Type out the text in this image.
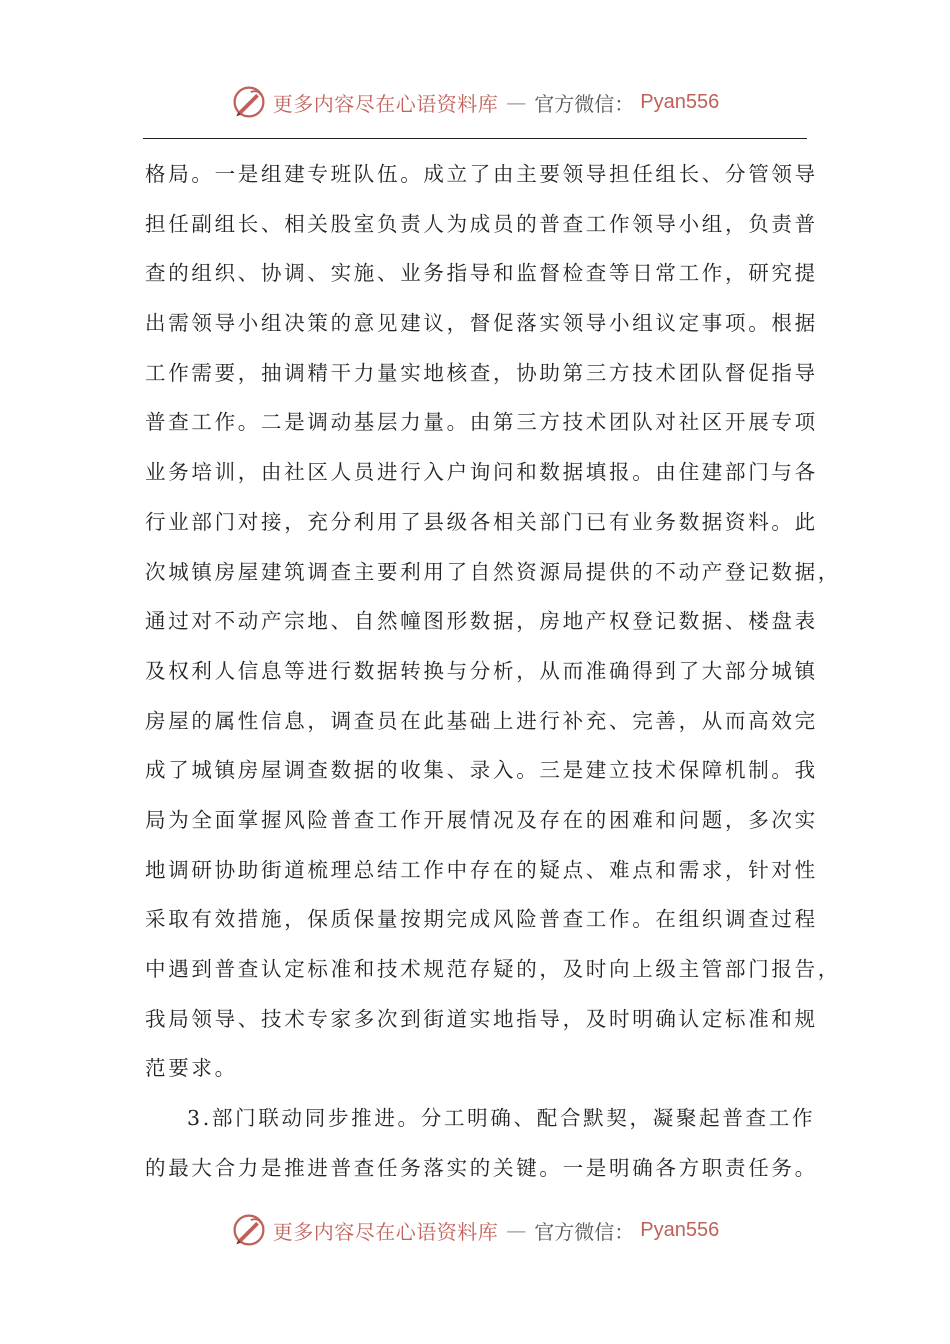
更多内容尽在心语资料库 — 官方微信： Pyan556
格局。一是组建专班队伍。成立了由主要领导担任组长、分管领导
担任副组长、相关股室负责人为成员的普查工作领导小组，负责普
查的组织、协调、实施、业务指导和监督检查等日常工作，研究提
出需领导小组决策的意见建议，督促落实领导小组议定事项。根据
工作需要，抽调精干力量实地核查，协助第三方技术团队督促指导
普查工作。二是调动基层力量。由第三方技术团队对社区开展专项
业务培训，由社区人员进行入户询问和数据填报。由住建部门与各
行业部门对接，充分利用了县级各相关部门已有业务数据资料。此
次城镇房屋建筑调查主要利用了自然资源局提供的不动产登记数据，
通过对不动产宗地、自然幢图形数据，房地产权登记数据、楼盘表
及权利人信息等进行数据转换与分析，从而准确得到了大部分城镇
房屋的属性信息，调查员在此基础上进行补充、完善，从而高效完
成了城镇房屋调查数据的收集、录入。三是建立技术保障机制。我
局为全面掌握风险普查工作开展情况及存在的困难和问题，多次实
地调研协助街道梳理总结工作中存在的疑点、难点和需求，针对性
采取有效措施，保质保量按期完成风险普查工作。在组织调查过程
中遇到普查认定标准和技术规范存疑的，及时向上级主管部门报告，
我局领导、技术专家多次到街道实地指导，及时明确认定标准和规
范要求。
3.部门联动同步推进。分工明确、配合默契，凝聚起普查工作
的最大合力是推进普查任务落实的关键。一是明确各方职责任务。
更多内容尽在心语资料库 — 官方微信： Pyan556
